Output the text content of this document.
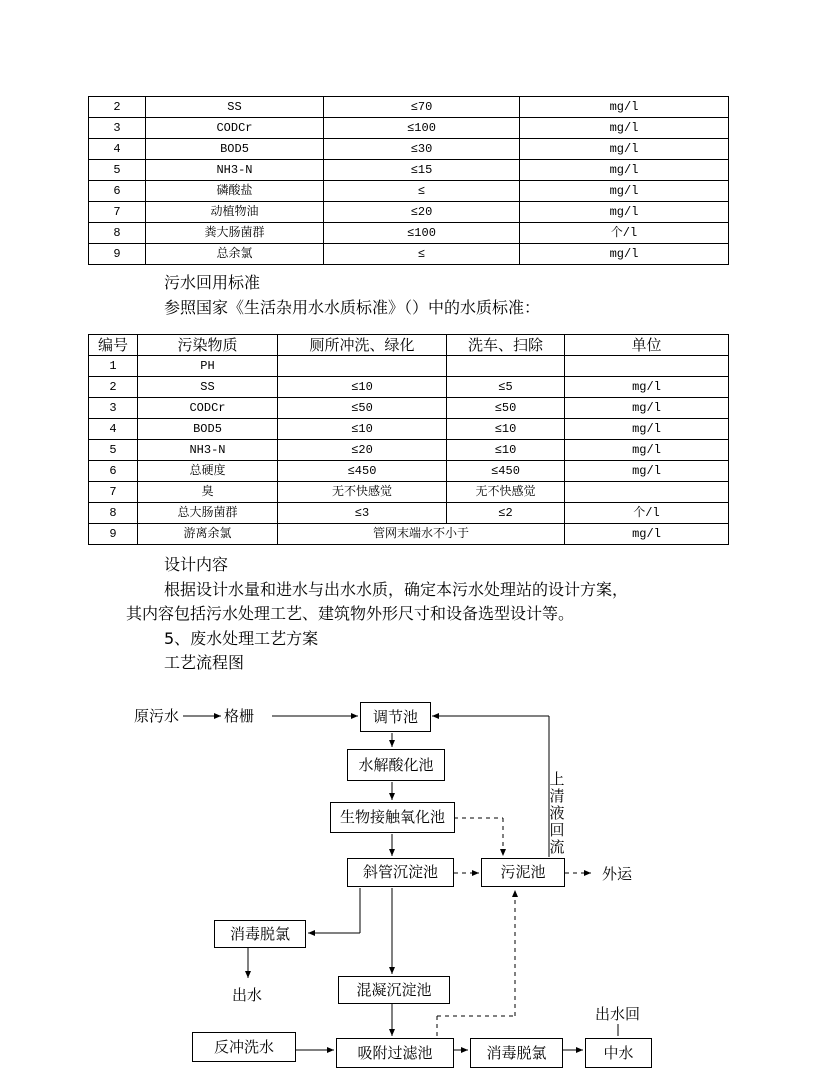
2	SS	≤70	mg/l
3	CODCr	≤100	mg/l
4	BOD5	≤30	mg/l
5	NH3-N	≤15	mg/l
6	磷酸盐	≤	mg/l
7	动植物油	≤20	mg/l
8	粪大肠菌群	≤100	个/l
9	总余氯	≤	mg/l
污水回用标准
参照国家《生活杂用水水质标准》（）中的水质标准：
编号	污染物质	厕所冲洗、绿化	洗车、扫除	单位
1	PH			
2	SS	≤10	≤5	mg/l
3	CODCr	≤50	≤50	mg/l
4	BOD5	≤10	≤10	mg/l
5	NH3-N	≤20	≤10	mg/l
6	总硬度	≤450	≤450	mg/l
7	臭	无不快感觉	无不快感觉	
8	总大肠菌群	≤3	≤2	个/l
9	游离余氯	管网末端水不小于		mg/l
设计内容
根据设计水量和进水与出水水质，确定本污水处理站的设计方案，
其内容包括污水处理工艺、建筑物外形尺寸和设备选型设计等。
5、废水处理工艺方案
工艺流程图
原污水	格栅	调节池
水解酸化池
生物接触氧化池
斜管沉淀池	污泥池	外运
上清液回流
消毒脱氯
出水	混凝沉淀池
反冲洗水	吸附过滤池	消毒脱氯	中水
出水回
